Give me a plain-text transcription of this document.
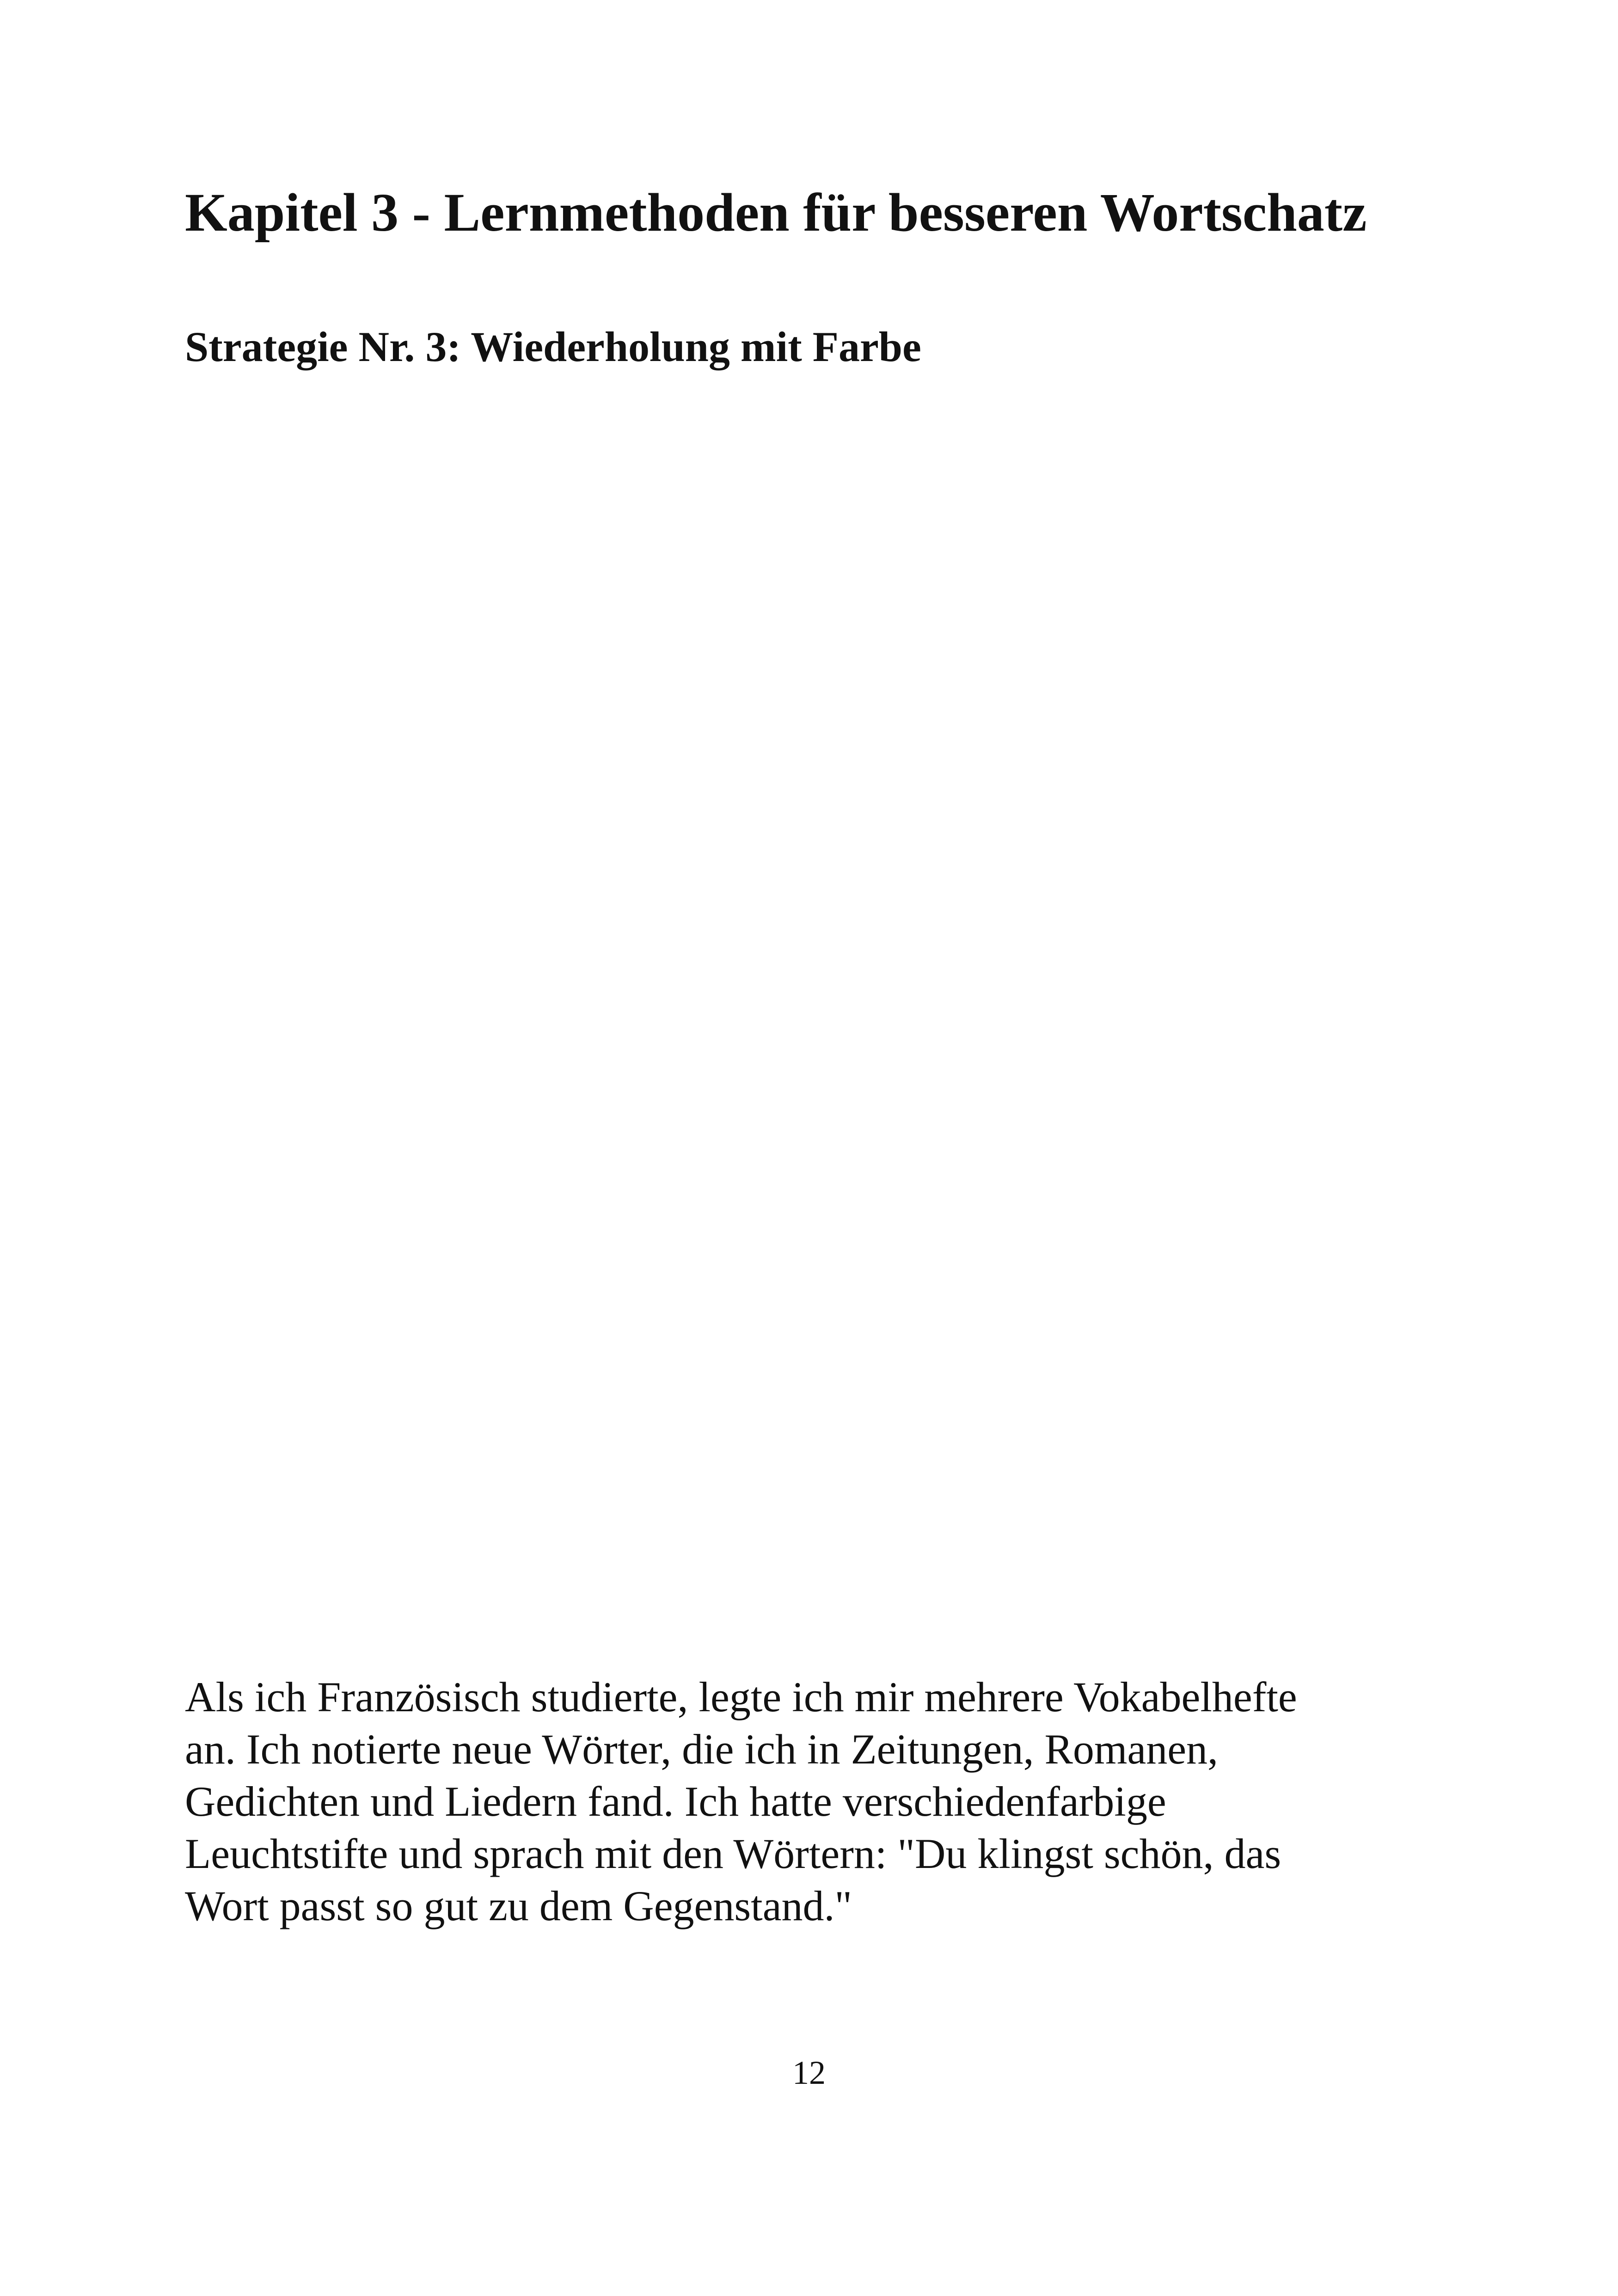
Kapitel 3 - Lernmethoden für besseren Wortschatz
Strategie Nr. 3: Wiederholung mit Farbe

Als ich Französisch studierte, legte ich mir mehrere Vokabelhefte
an. Ich notierte neue Wörter, die ich in Zeitungen, Romanen,
Gedichten und Liedern fand. Ich hatte verschiedenfarbige
Leuchtstifte und sprach mit den Wörtern: "Du klingst schön, das
Wort passt so gut zu dem Gegenstand."

12
